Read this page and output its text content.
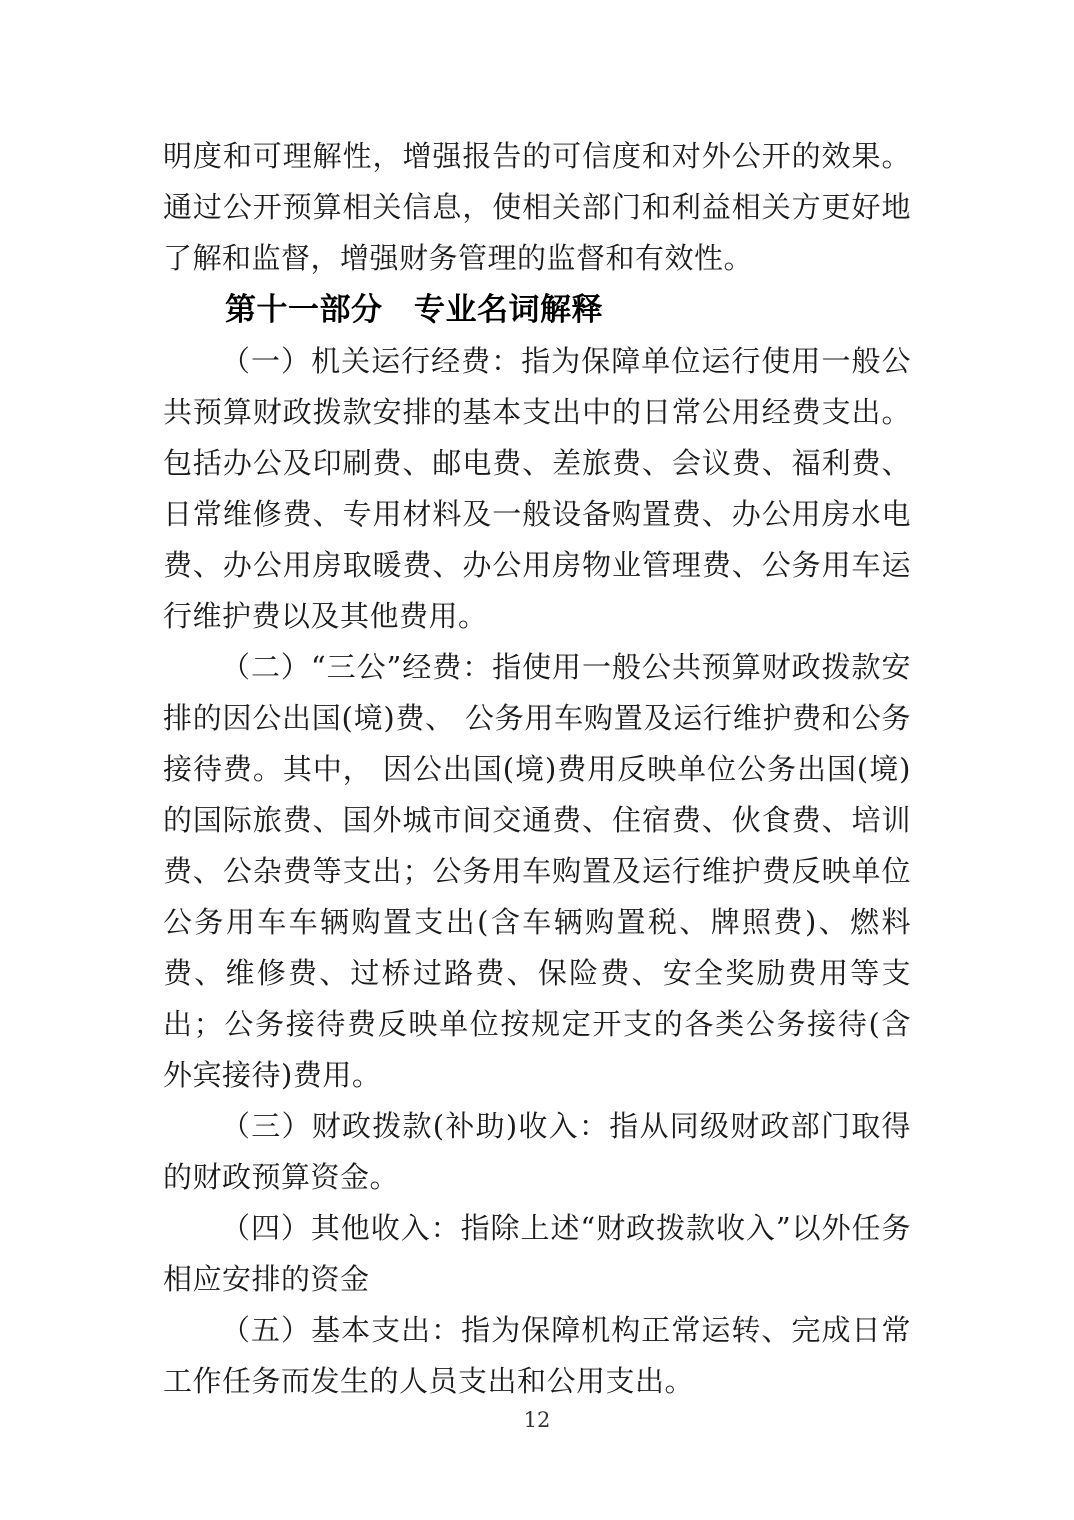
明度和可理解性，增强报告的可信度和对外公开的效果。通过公开预算相关信息，使相关部门和利益相关方更好地了解和监督，增强财务管理的监督和有效性。

第十一部分　专业名词解释

（一）机关运行经费：指为保障单位运行使用一般公共预算财政拨款安排的基本支出中的日常公用经费支出。包括办公及印刷费、邮电费、差旅费、会议费、福利费、日常维修费、专用材料及一般设备购置费、办公用房水电费、办公用房取暖费、办公用房物业管理费、公务用车运行维护费以及其他费用。

（二）“三公”经费：指使用一般公共预算财政拨款安排的因公出国(境)费、 公务用车购置及运行维护费和公务接待费。其中， 因公出国(境)费用反映单位公务出国(境)的国际旅费、国外城市间交通费、住宿费、伙食费、培训费、公杂费等支出；公务用车购置及运行维护费反映单位公务用车车辆购置支出(含车辆购置税、牌照费)、燃料费、维修费、过桥过路费、保险费、安全奖励费用等支出；公务接待费反映单位按规定开支的各类公务接待(含外宾接待)费用。

（三）财政拨款(补助)收入：指从同级财政部门取得的财政预算资金。

（四）其他收入：指除上述“财政拨款收入”以外任务相应安排的资金

（五）基本支出：指为保障机构正常运转、完成日常工作任务而发生的人员支出和公用支出。

12
